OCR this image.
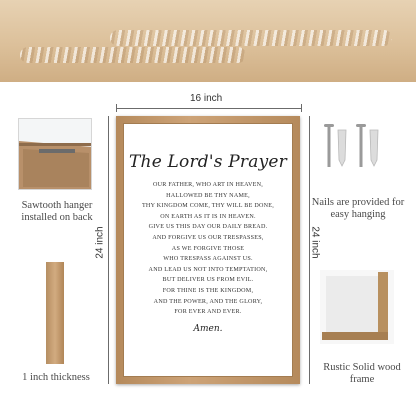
Sawtooth hanger installed on back
Nails are provided for easy hanging
1 inch thickness
Rustic Solid wood frame
16 inch
24 inch	24 inch
The Lord's Prayer
OUR FATHER, WHO ART IN HEAVEN,
HALLOWED BE THY NAME,
THY KINGDOM COME, THY WILL BE DONE,
ON EARTH AS IT IS IN HEAVEN.
GIVE US THIS DAY OUR DAILY BREAD.
AND FORGIVE US OUR TRESPASSES,
AS WE FORGIVE THOSE
WHO TRESPASS AGAINST US.
AND LEAD US NOT INTO TEMPTATION,
BUT DELIVER US FROM EVIL.
FOR THINE IS THE KINGDOM,
AND THE POWER, AND THE GLORY,
FOR EVER AND EVER.
Amen.
